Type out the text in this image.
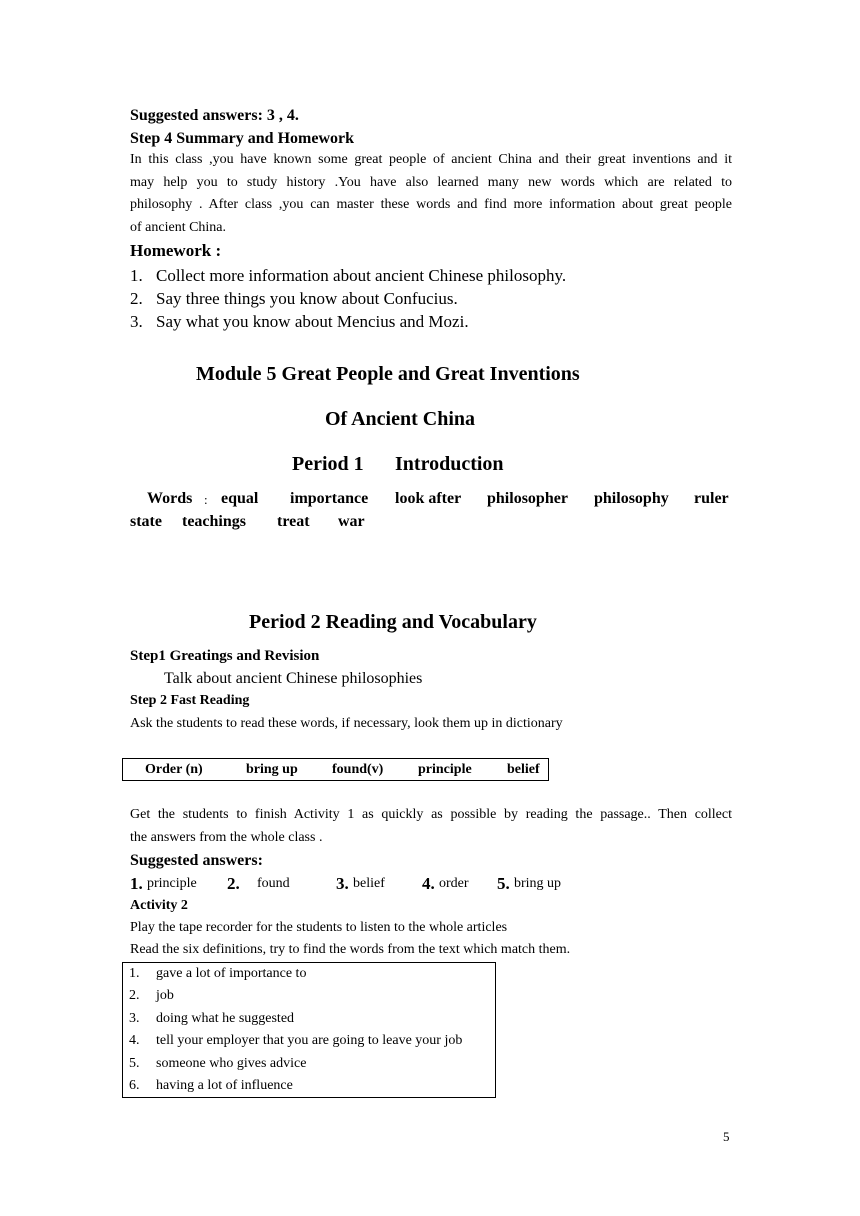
Suggested answers: 3 , 4.
Step 4 Summary and Homework
In this class ,you have known some great people of ancient China and their great inventions and it
may help you to study history .You have also learned many new words which are related to
philosophy . After class ,you can master these words and find more information about great people
of ancient China.
Homework :
1. Collect more information about ancient Chinese philosophy.
2. Say three things you know about Confucius.
3. Say what you know about Mencius and Mozi.
Module 5 Great People and Great Inventions
Of Ancient China
Period 1 Introduction
Words : equal importance look after philosopher philosophy ruler
state teachings treat war
Period 2 Reading and Vocabulary
Step1 Greatings and Revision
Talk about ancient Chinese philosophies
Step 2 Fast Reading
Ask the students to read these words, if necessary, look them up in dictionary
Order (n)	bring up found(v) principle	belief
Get the students to finish Activity 1 as quickly as possible by reading the passage.. Then collect
the answers from the whole class .
Suggested answers:
1. principle 2. found	3. belief 4. order 5. bring up
Activity 2
Play the tape recorder for the students to listen to the whole articles
Read the six definitions, try to find the words from the text which match them.
1.	gave a lot of importance to
2.	job
3.	doing what he suggested
4.	tell your employer that you are going to leave your job
5.	someone who gives advice
6.	having a lot of influence
5
